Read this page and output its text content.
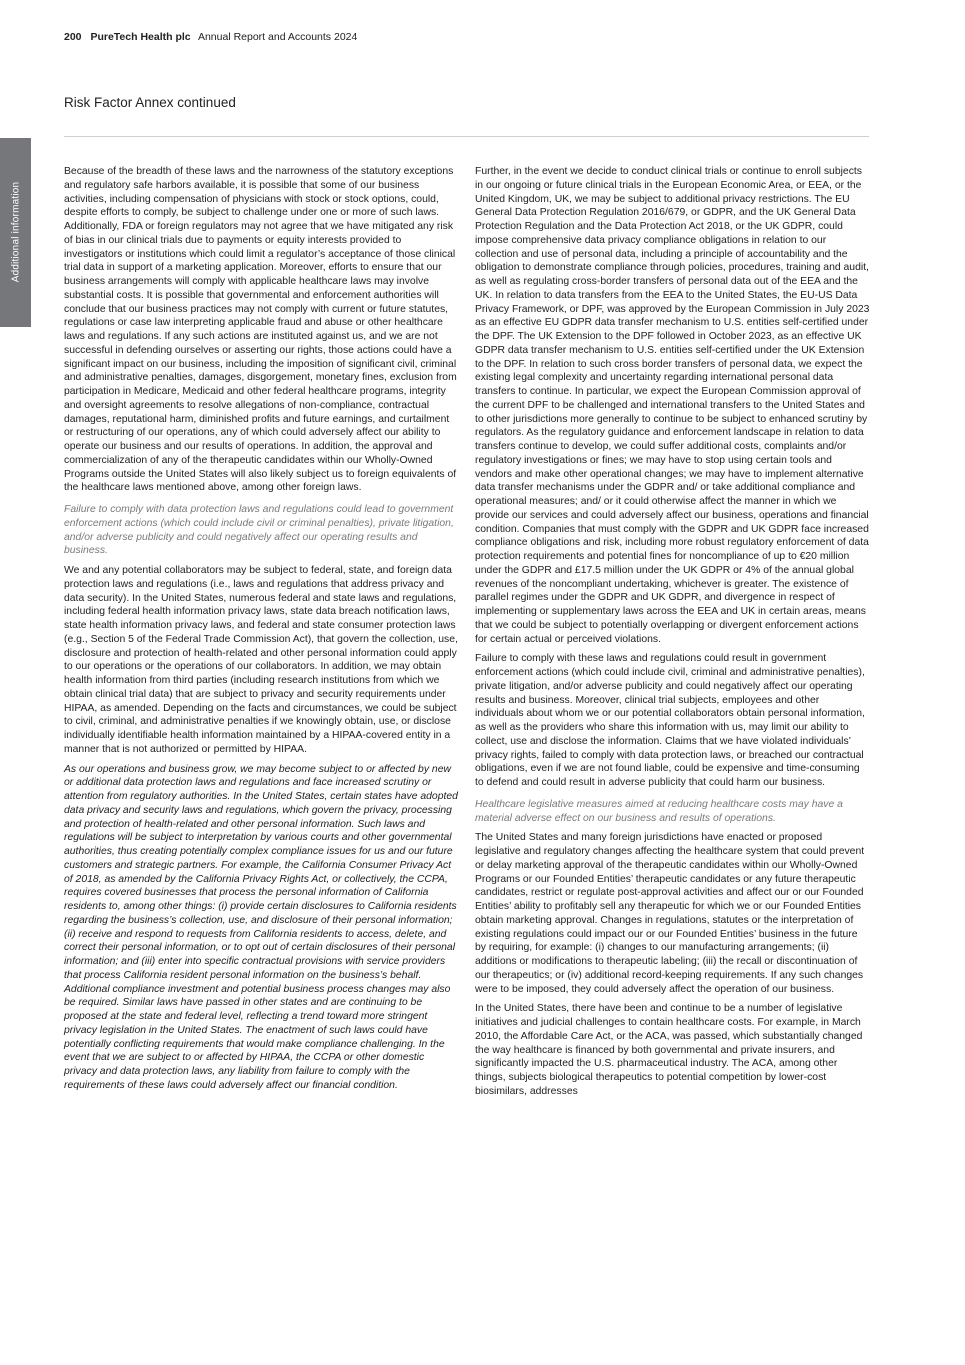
200 PureTech Health plc Annual Report and Accounts 2024
Risk Factor Annex continued
Additional information

Because of the breadth of these laws and the narrowness of the statutory exceptions and regulatory safe harbors available, it is possible that some of our business activities, including compensation of physicians with stock or stock options, could, despite efforts to comply, be subject to challenge under one or more of such laws. Additionally, FDA or foreign regulators may not agree that we have mitigated any risk of bias in our clinical trials due to payments or equity interests provided to investigators or institutions which could limit a regulator’s acceptance of those clinical trial data in support of a marketing application. Moreover, efforts to ensure that our business arrangements will comply with applicable healthcare laws may involve substantial costs. It is possible that governmental and enforcement authorities will conclude that our business practices may not comply with current or future statutes, regulations or case law interpreting applicable fraud and abuse or other healthcare laws and regulations. If any such actions are instituted against us, and we are not successful in defending ourselves or asserting our rights, those actions could have a significant impact on our business, including the imposition of significant civil, criminal and administrative penalties, damages, disgorgement, monetary fines, exclusion from participation in Medicare, Medicaid and other federal healthcare programs, integrity and oversight agreements to resolve allegations of non-compliance, contractual damages, reputational harm, diminished profits and future earnings, and curtailment or restructuring of our operations, any of which could adversely affect our ability to operate our business and our results of operations. In addition, the approval and commercialization of any of the therapeutic candidates within our Wholly-Owned Programs outside the United States will also likely subject us to foreign equivalents of the healthcare laws mentioned above, among other foreign laws.

Failure to comply with data protection laws and regulations could lead to government enforcement actions (which could include civil or criminal penalties), private litigation, and/or adverse publicity and could negatively affect our operating results and business.

We and any potential collaborators may be subject to federal, state, and foreign data protection laws and regulations (i.e., laws and regulations that address privacy and data security). In the United States, numerous federal and state laws and regulations, including federal health information privacy laws, state data breach notification laws, state health information privacy laws, and federal and state consumer protection laws (e.g., Section 5 of the Federal Trade Commission Act), that govern the collection, use, disclosure and protection of health-related and other personal information could apply to our operations or the operations of our collaborators. In addition, we may obtain health information from third parties (including research institutions from which we obtain clinical trial data) that are subject to privacy and security requirements under HIPAA, as amended. Depending on the facts and circumstances, we could be subject to civil, criminal, and administrative penalties if we knowingly obtain, use, or disclose individually identifiable health information maintained by a HIPAA-covered entity in a manner that is not authorized or permitted by HIPAA.

As our operations and business grow, we may become subject to or affected by new or additional data protection laws and regulations and face increased scrutiny or attention from regulatory authorities. In the United States, certain states have adopted data privacy and security laws and regulations, which govern the privacy, processing and protection of health-related and other personal information. Such laws and regulations will be subject to interpretation by various courts and other governmental authorities, thus creating potentially complex compliance issues for us and our future customers and strategic partners. For example, the California Consumer Privacy Act of 2018, as amended by the California Privacy Rights Act, or collectively, the CCPA, requires covered businesses that process the personal information of California residents to, among other things: (i) provide certain disclosures to California residents regarding the business’s collection, use, and disclosure of their personal information; (ii) receive and respond to requests from California residents to access, delete, and correct their personal information, or to opt out of certain disclosures of their personal information; and (iii) enter into specific contractual provisions with service providers that process California resident personal information on the business’s behalf. Additional compliance investment and potential business process changes may also be required. Similar laws have passed in other states and are continuing to be proposed at the state and federal level, reflecting a trend toward more stringent privacy legislation in the United States. The enactment of such laws could have potentially conflicting requirements that would make compliance challenging. In the event that we are subject to or affected by HIPAA, the CCPA or other domestic privacy and data protection laws, any liability from failure to comply with the requirements of these laws could adversely affect our financial condition.

Further, in the event we decide to conduct clinical trials or continue to enroll subjects in our ongoing or future clinical trials in the European Economic Area, or EEA, or the United Kingdom, UK, we may be subject to additional privacy restrictions. The EU General Data Protection Regulation 2016/679, or GDPR, and the UK General Data Protection Regulation and the Data Protection Act 2018, or the UK GDPR, could impose comprehensive data privacy compliance obligations in relation to our collection and use of personal data, including a principle of accountability and the obligation to demonstrate compliance through policies, procedures, training and audit, as well as regulating cross-border transfers of personal data out of the EEA and the UK. In relation to data transfers from the EEA to the United States, the EU-US Data Privacy Framework, or DPF, was approved by the European Commission in July 2023 as an effective EU GDPR data transfer mechanism to U.S. entities self-certified under the DPF. The UK Extension to the DPF followed in October 2023, as an effective UK GDPR data transfer mechanism to U.S. entities self-certified under the UK Extension to the DPF. In relation to such cross border transfers of personal data, we expect the existing legal complexity and uncertainty regarding international personal data transfers to continue. In particular, we expect the European Commission approval of the current DPF to be challenged and international transfers to the United States and to other jurisdictions more generally to continue to be subject to enhanced scrutiny by regulators. As the regulatory guidance and enforcement landscape in relation to data transfers continue to develop, we could suffer additional costs, complaints and/or regulatory investigations or fines; we may have to stop using certain tools and vendors and make other operational changes; we may have to implement alternative data transfer mechanisms under the GDPR and/ or take additional compliance and operational measures; and/ or it could otherwise affect the manner in which we provide our services and could adversely affect our business, operations and financial condition. Companies that must comply with the GDPR and UK GDPR face increased compliance obligations and risk, including more robust regulatory enforcement of data protection requirements and potential fines for noncompliance of up to €20 million under the GDPR and £17.5 million under the UK GDPR or 4% of the annual global revenues of the noncompliant undertaking, whichever is greater. The existence of parallel regimes under the GDPR and UK GDPR, and divergence in respect of implementing or supplementary laws across the EEA and UK in certain areas, means that we could be subject to potentially overlapping or divergent enforcement actions for certain actual or perceived violations.

Failure to comply with these laws and regulations could result in government enforcement actions (which could include civil, criminal and administrative penalties), private litigation, and/or adverse publicity and could negatively affect our operating results and business. Moreover, clinical trial subjects, employees and other individuals about whom we or our potential collaborators obtain personal information, as well as the providers who share this information with us, may limit our ability to collect, use and disclose the information. Claims that we have violated individuals’ privacy rights, failed to comply with data protection laws, or breached our contractual obligations, even if we are not found liable, could be expensive and time-consuming to defend and could result in adverse publicity that could harm our business.

Healthcare legislative measures aimed at reducing healthcare costs may have a material adverse effect on our business and results of operations.

The United States and many foreign jurisdictions have enacted or proposed legislative and regulatory changes affecting the healthcare system that could prevent or delay marketing approval of the therapeutic candidates within our Wholly-Owned Programs or our Founded Entities’ therapeutic candidates or any future therapeutic candidates, restrict or regulate post-approval activities and affect our or our Founded Entities’ ability to profitably sell any therapeutic for which we or our Founded Entities obtain marketing approval. Changes in regulations, statutes or the interpretation of existing regulations could impact our or our Founded Entities’ business in the future by requiring, for example: (i) changes to our manufacturing arrangements; (ii) additions or modifications to therapeutic labeling; (iii) the recall or discontinuation of our therapeutics; or (iv) additional record-keeping requirements. If any such changes were to be imposed, they could adversely affect the operation of our business.

In the United States, there have been and continue to be a number of legislative initiatives and judicial challenges to contain healthcare costs. For example, in March 2010, the Affordable Care Act, or the ACA, was passed, which substantially changed the way healthcare is financed by both governmental and private insurers, and significantly impacted the U.S. pharmaceutical industry. The ACA, among other things, subjects biological therapeutics to potential competition by lower-cost biosimilars, addresses
